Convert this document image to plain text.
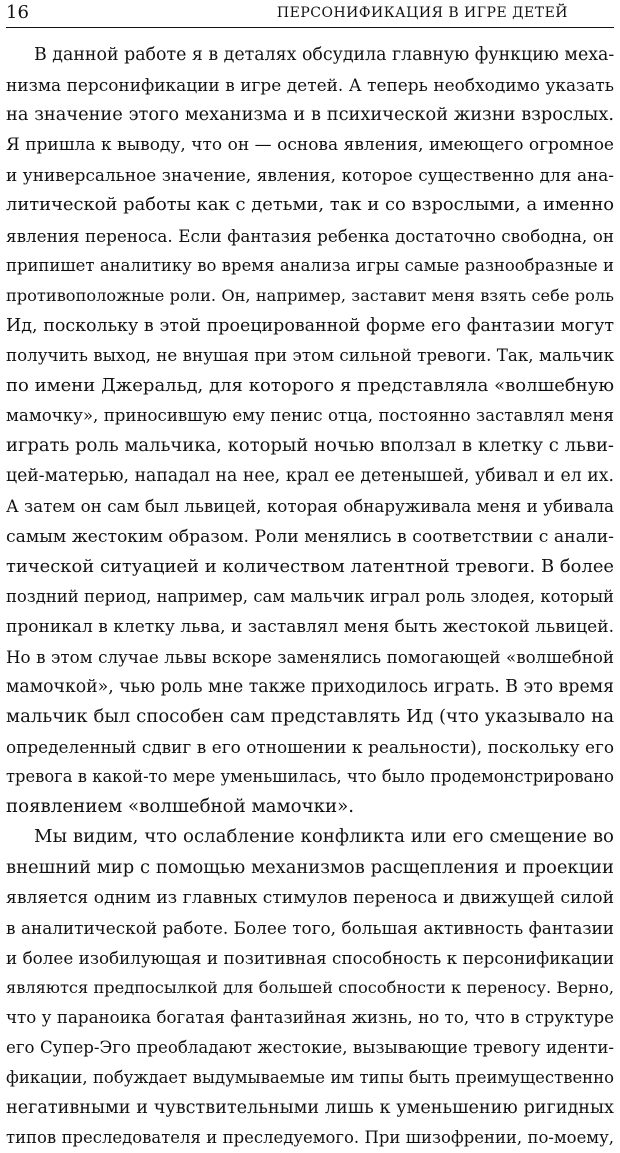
16	ПЕРСОНИФИКАЦИЯ В ИГРЕ ДЕТЕЙ
В данной работе я в деталях обсудила главную функцию меха-
низма персонификации в игре детей. А теперь необходимо указать
на значение этого механизма и в психической жизни взрослых.
Я пришла к выводу, что он — основа явления, имеющего огромное
и универсальное значение, явления, которое существенно для ана-
литической работы как с детьми, так и со взрослыми, а именно
явления переноса. Если фантазия ребенка достаточно свободна, он
припишет аналитику во время анализа игры самые разнообразные и
противоположные роли. Он, например, заставит меня взять себе роль
Ид, поскольку в этой проецированной форме его фантазии могут
получить выход, не внушая при этом сильной тревоги. Так, мальчик
по имени Джеральд, для которого я представляла «волшебную
мамочку», приносившую ему пенис отца, постоянно заставлял меня
играть роль мальчика, который ночью вползал в клетку с льви-
цей-матерью, нападал на нее, крал ее детенышей, убивал и ел их.
А затем он сам был львицей, которая обнаруживала меня и убивала
самым жестоким образом. Роли менялись в соответствии с анали-
тической ситуацией и количеством латентной тревоги. В более
поздний период, например, сам мальчик играл роль злодея, который
проникал в клетку льва, и заставлял меня быть жестокой львицей.
Но в этом случае львы вскоре заменялись помогающей «волшебной
мамочкой», чью роль мне также приходилось играть. В это время
мальчик был способен сам представлять Ид (что указывало на
определенный сдвиг в его отношении к реальности), поскольку его
тревога в какой-то мере уменьшилась, что было продемонстрировано
появлением «волшебной мамочки».
Мы видим, что ослабление конфликта или его смещение во
внешний мир с помощью механизмов расщепления и проекции
является одним из главных стимулов переноса и движущей силой
в аналитической работе. Более того, большая активность фантазии
и более изобилующая и позитивная способность к персонификации
являются предпосылкой для большей способности к переносу. Верно,
что у параноика богатая фантазийная жизнь, но то, что в структуре
его Супер-Эго преобладают жестокие, вызывающие тревогу иденти-
фикации, побуждает выдумываемые им типы быть преимущественно
негативными и чувствительными лишь к уменьшению ригидных
типов преследователя и преследуемого. При шизофрении, по-моему,
